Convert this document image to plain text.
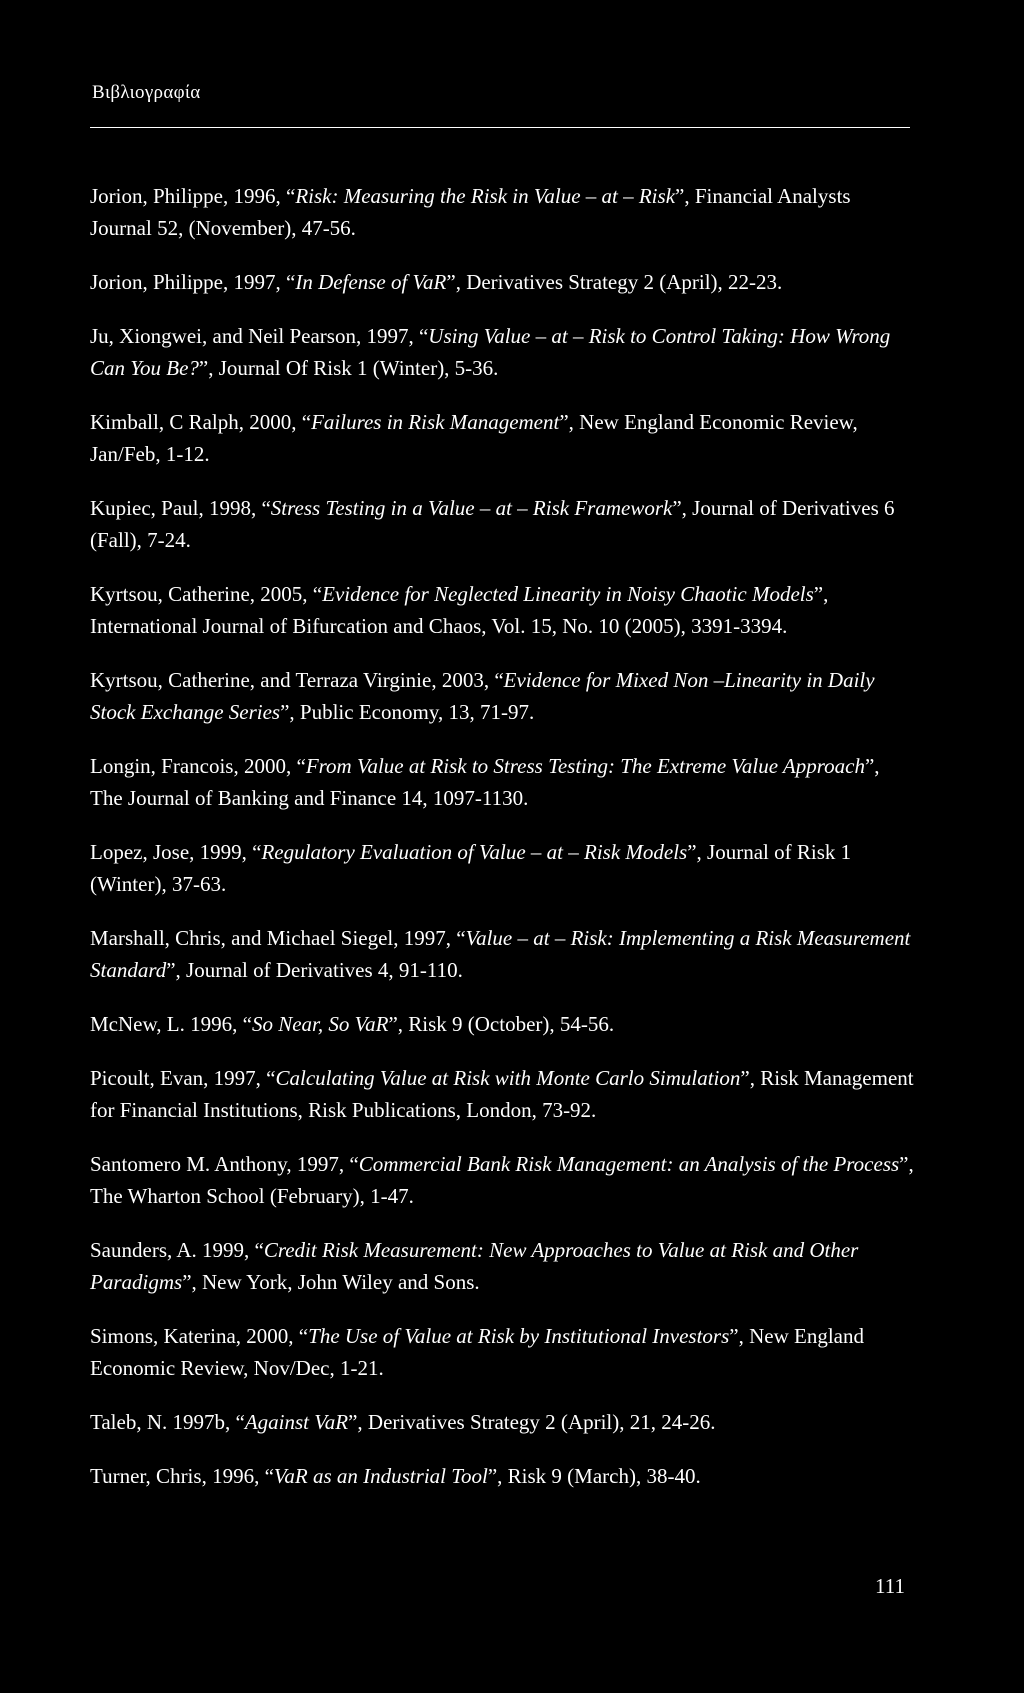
Βιβλιογραφία

Jorion, Philippe, 1996, “Risk: Measuring the Risk in Value – at – Risk”, Financial Analysts Journal 52, (November), 47-56.

Jorion, Philippe, 1997, “In Defense of VaR”, Derivatives Strategy 2 (April), 22-23.

Ju, Xiongwei, and Neil Pearson, 1997, “Using Value – at – Risk to Control Taking: How Wrong Can You Be?”, Journal Of Risk 1 (Winter), 5-36.

Kimball, C Ralph, 2000, “Failures in Risk Management”, New England Economic Review, Jan/Feb, 1-12.

Kupiec, Paul, 1998, “Stress Testing in a Value – at – Risk Framework”, Journal of Derivatives 6 (Fall), 7-24.

Kyrtsou, Catherine, 2005, “Evidence for Neglected Linearity in Noisy Chaotic Models”, International Journal of Bifurcation and Chaos, Vol. 15, No. 10 (2005), 3391-3394.

Kyrtsou, Catherine, and Terraza Virginie, 2003, “Evidence for Mixed Non –Linearity in Daily Stock Exchange Series”, Public Economy, 13, 71-97.

Longin, Francois, 2000, “From Value at Risk to Stress Testing: The Extreme Value Approach”, The Journal of Banking and Finance 14, 1097-1130.

Lopez, Jose, 1999, “Regulatory Evaluation of Value – at – Risk Models”, Journal of Risk 1 (Winter), 37-63.

Marshall, Chris, and Michael Siegel, 1997, “Value – at – Risk: Implementing a Risk Measurement Standard”, Journal of Derivatives 4, 91-110.

McNew, L. 1996, “So Near, So VaR”, Risk 9 (October), 54-56.

Picoult, Evan, 1997, “Calculating Value at Risk with Monte Carlo Simulation”, Risk Management for Financial Institutions, Risk Publications, London, 73-92.

Santomero M. Anthony, 1997, “Commercial Bank Risk Management: an Analysis of the Process”, The Wharton School (February), 1-47.

Saunders, A. 1999, “Credit Risk Measurement: New Approaches to Value at Risk and Other Paradigms”, New York, John Wiley and Sons.

Simons, Katerina, 2000, “The Use of Value at Risk by Institutional Investors”, New England Economic Review, Nov/Dec, 1-21.

Taleb, N. 1997b, “Against VaR”, Derivatives Strategy 2 (April), 21, 24-26.

Turner, Chris, 1996, “VaR as an Industrial Tool”, Risk 9 (March), 38-40.

111
